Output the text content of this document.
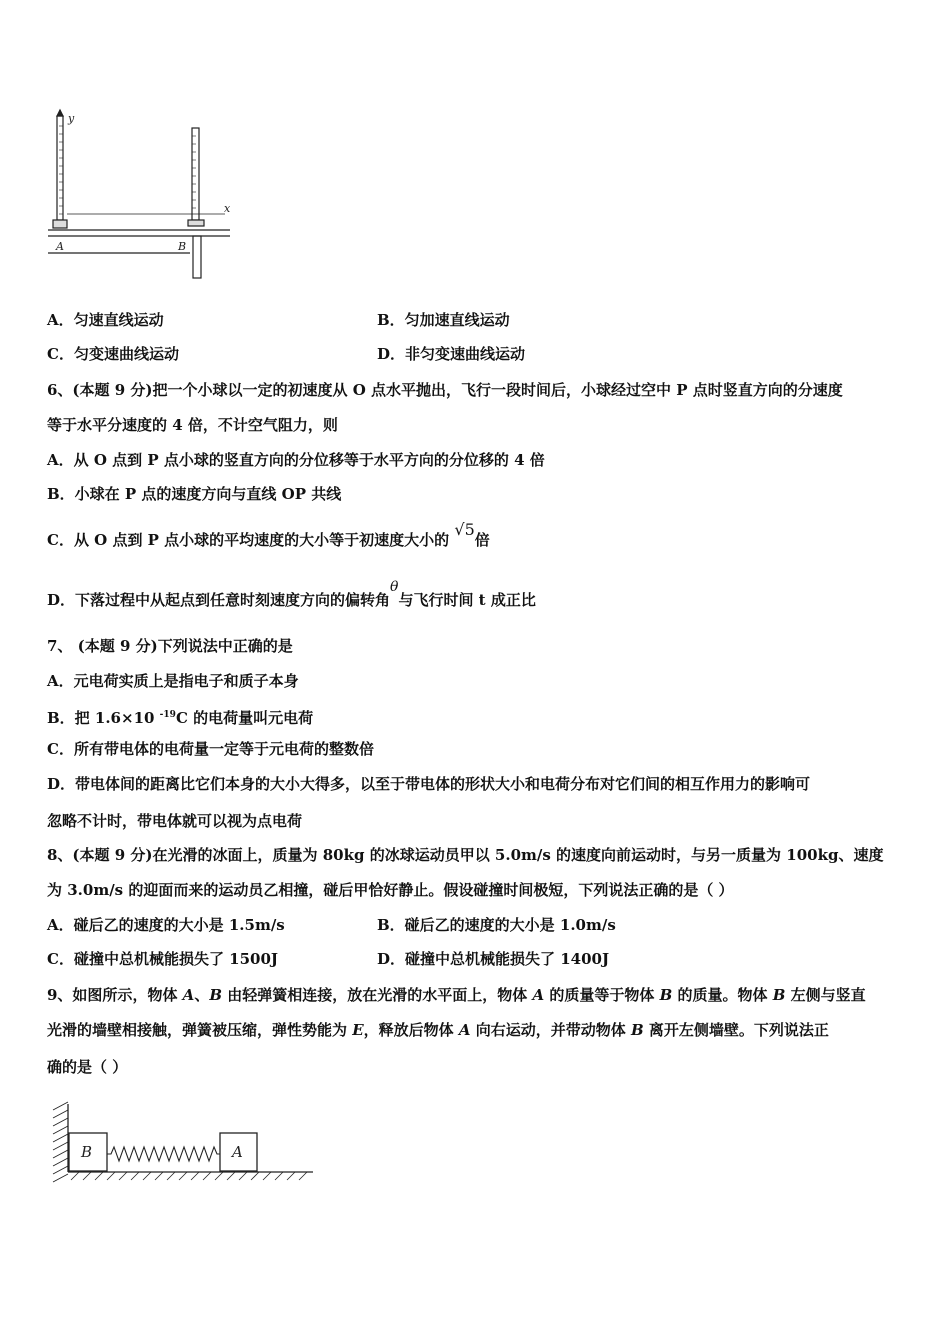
y
x
A	B
A．匀速直线运动	B．匀加速直线运动
C．匀变速曲线运动	D．非匀变速曲线运动
6、(本题 9 分)把一个小球以一定的初速度从 O 点水平抛出，飞行一段时间后，小球经过空中 P 点时竖直方向的分速度
等于水平分速度的 4 倍，不计空气阻力，则
A．从 O 点到 P 点小球的竖直方向的分位移等于水平方向的分位移的 4 倍
B．小球在 P 点的速度方向与直线 OP 共线
C．从 O 点到 P 点小球的平均速度的大小等于初速度大小的 √5倍
D．下落过程中从起点到任意时刻速度方向的偏转角θ与飞行时间 t 成正比
7、 (本题 9 分)下列说法中正确的是
A．元电荷实质上是指电子和质子本身
B．把 1.6×10 $^{-19}$C 的电荷量叫元电荷
C．所有带电体的电荷量一定等于元电荷的整数倍
D．带电体间的距离比它们本身的大小大得多，以至于带电体的形状大小和电荷分布对它们间的相互作用力的影响可
忽略不计时，带电体就可以视为点电荷
8、(本题 9 分)在光滑的冰面上，质量为 80kg 的冰球运动员甲以 5.0m/s 的速度向前运动时，与另一质量为 100kg、速度
为 3.0m/s 的迎面而来的运动员乙相撞，碰后甲恰好静止。假设碰撞时间极短，下列说法正确的是（ ）
A．碰后乙的速度的大小是 1.5m/s	B．碰后乙的速度的大小是 1.0m/s
C．碰撞中总机械能损失了 1500J	D．碰撞中总机械能损失了 1400J
9、如图所示，物体 A、B 由轻弹簧相连接，放在光滑的水平面上，物体 A 的质量等于物体 B 的质量。物体 B 左侧与竖直
光滑的墙壁相接触，弹簧被压缩，弹性势能为 E，释放后物体 A 向右运动，并带动物体 B 离开左侧墙壁。下列说法正
确的是（ ）
B	A
